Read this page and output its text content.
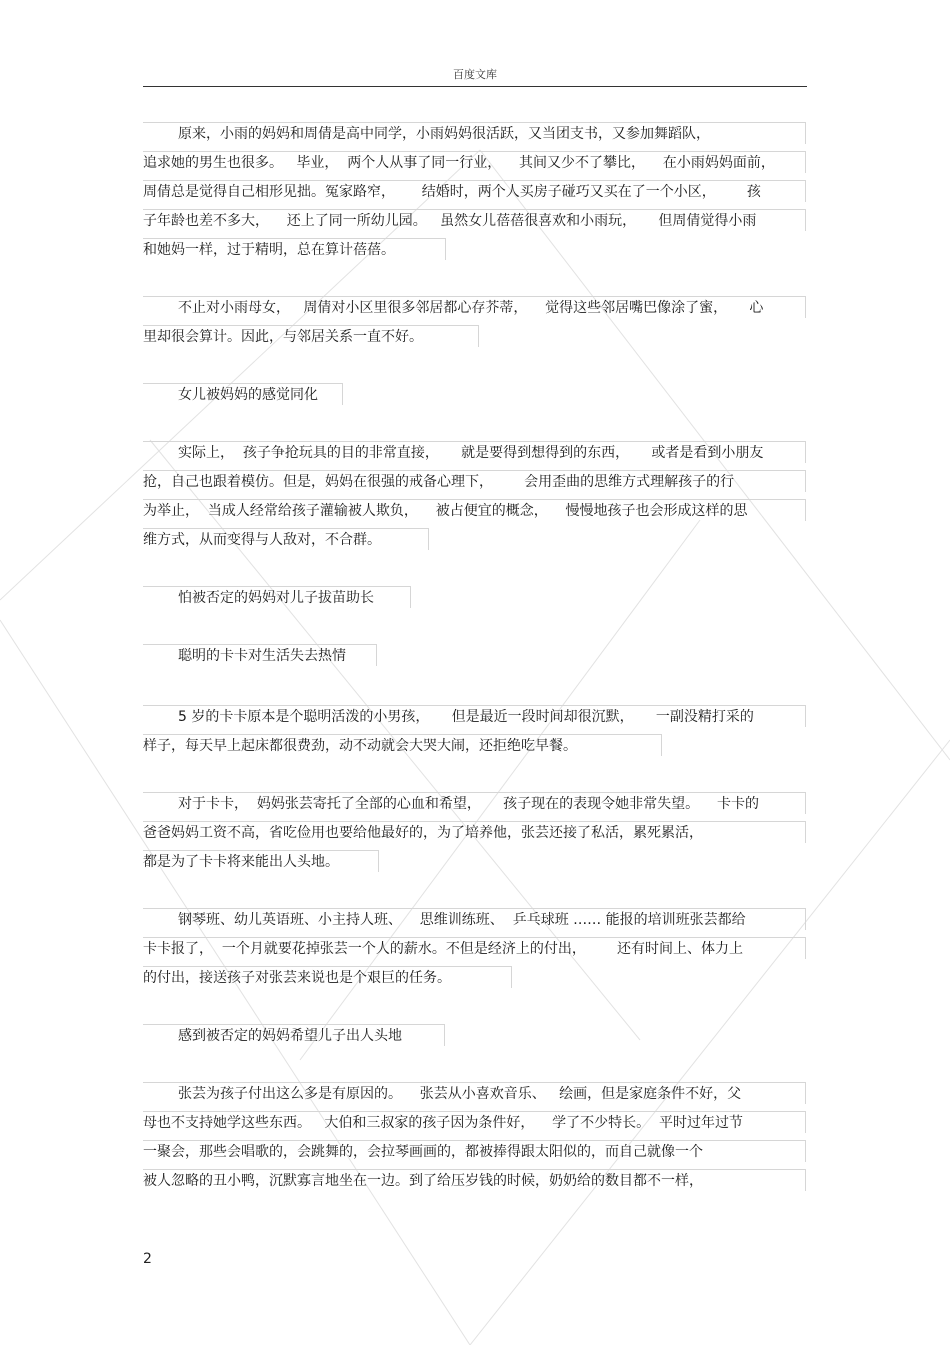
百度文库
原来，小雨的妈妈和周倩是高中同学，小雨妈妈很活跃，又当团支书，又参加舞蹈队，
追求她的男生也很多。   毕业，  两个人从事了同一行业，    其间又少不了攀比，    在小雨妈妈面前，
周倩总是觉得自己相形见拙。冤家路窄，      结婚时，两个人买房子碰巧又买在了一个小区，       孩
子年龄也差不多大，    还上了同一所幼儿园。   虽然女儿蓓蓓很喜欢和小雨玩，     但周倩觉得小雨
和她妈一样，过于精明，总在算计蓓蓓。
不止对小雨母女，   周倩对小区里很多邻居都心存芥蒂，    觉得这些邻居嘴巴像涂了蜜，     心
里却很会算计。因此，与邻居关系一直不好。
女儿被妈妈的感觉同化
实际上，  孩子争抢玩具的目的非常直接，     就是要得到想得到的东西，     或者是看到小朋友
抢，自己也跟着模仿。但是，妈妈在很强的戒备心理下，       会用歪曲的思维方式理解孩子的行
为举止，  当成人经常给孩子灌输被人欺负，    被占便宜的概念，    慢慢地孩子也会形成这样的思
维方式，从而变得与人敌对，不合群。
怕被否定的妈妈对儿子拔苗助长
聪明的卡卡对生活失去热情
5 岁的卡卡原本是个聪明活泼的小男孩，     但是最近一段时间却很沉默，     一副没精打采的
样子，每天早上起床都很费劲，动不动就会大哭大闹，还拒绝吃早餐。
对于卡卡，  妈妈张芸寄托了全部的心血和希望，     孩子现在的表现令她非常失望。    卡卡的
爸爸妈妈工资不高，省吃俭用也要给他最好的，为了培养他，张芸还接了私活，累死累活，
都是为了卡卡将来能出人头地。
钢琴班、幼儿英语班、小主持人班、    思维训练班、  乒乓球班 …… 能报的培训班张芸都给
卡卡报了，  一个月就要花掉张芸一个人的薪水。不但是经济上的付出，       还有时间上、体力上
的付出，接送孩子对张芸来说也是个艰巨的任务。
感到被否定的妈妈希望儿子出人头地
张芸为孩子付出这么多是有原因的。    张芸从小喜欢音乐、   绘画，但是家庭条件不好，父
母也不支持她学这些东西。   大伯和三叔家的孩子因为条件好，    学了不少特长。  平时过年过节
一聚会，那些会唱歌的，会跳舞的，会拉琴画画的，都被捧得跟太阳似的，而自己就像一个
被人忽略的丑小鸭，沉默寡言地坐在一边。到了给压岁钱的时候，奶奶给的数目都不一样，
2
